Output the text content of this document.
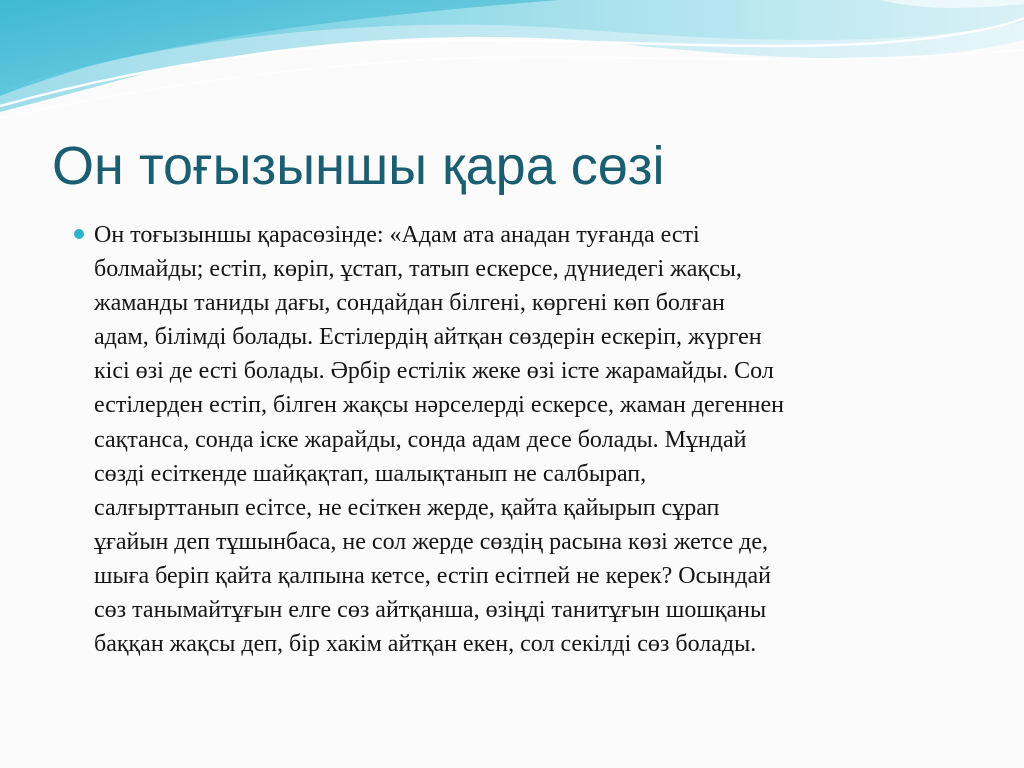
Он тоғызыншы қара сөзі
Он тоғызыншы қарасөзінде: «Адам ата анадан туғанда есті
болмайды; естіп, көріп, ұстап, татып ескерсе, дүниедегі жақсы,
жаманды таниды дағы, сондайдан білгені, көргені көп болған
адам, білімді болады. Естілердің айтқан сөздерін ескеріп, жүрген
кісі өзі де есті болады. Әрбір естілік жеке өзі істе жарамайды. Сол
естілерден естіп, білген жақсы нәрселерді ескерсе, жаман дегеннен
сақтанса, сонда іске жарайды, сонда адам десе болады. Мұндай
сөзді есіткенде шайқақтап, шалықтанып не салбырап,
салғырттанып есітсе, не есіткен жерде, қайта қайырып сұрап
ұғайын деп тұшынбаса, не сол жерде сөздің расына көзі жетсе де,
шыға беріп қайта қалпына кетсе, естіп есітпей не керек? Осындай
сөз танымайтұғын елге сөз айтқанша, өзіңді танитұғын шошқаны
баққан жақсы деп, бір хакім айтқан екен, сол секілді сөз болады.
